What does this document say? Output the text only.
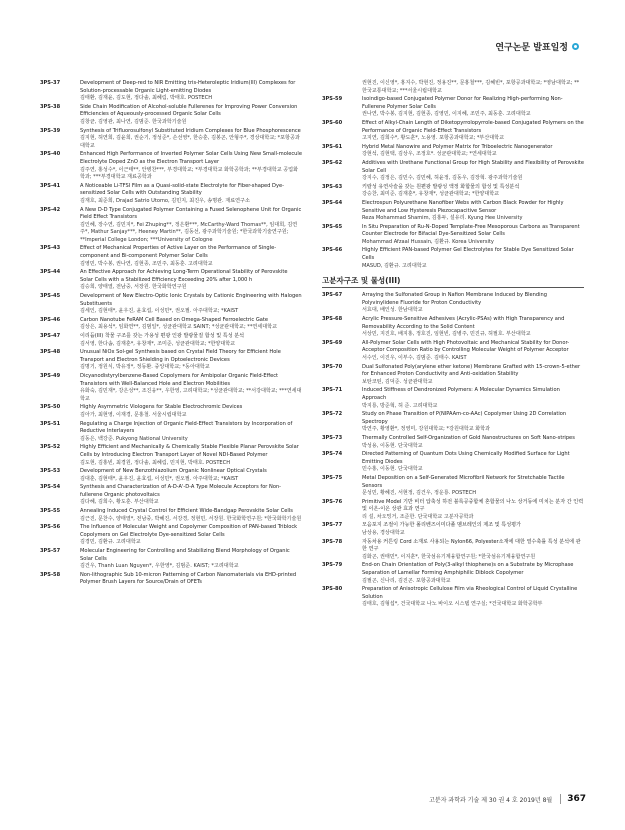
연구논문 발표일정
3PS-37	Development of Deep-red to NIR Emitting tris-Heteroleptic Iridium(III) Complexes for Solution-processable Organic Light-emitting Diodes
김태환, 김재윤, 김도현, 정다솔, 최혜림, 박태호. POSTECH
3PS-38	Side Chain Modification of Alcohol-soluble Fullerenes for Improving Power Conversion Efficiencies of Aqueously-processed Organic Solar Cells
김창균, 김영관, 최나연, 김범준. 한국과학기술원
3PS-39	Synthesis of Trifluorosulfonyl Substituted Iridium Complexes for Blue Phosphorescence
김지현, 허연희, 김윤희, 권순기, 정성준*, 손선영*, 한승훈, 김봉곤, 안형주*, 경상대학교; *포항공과대학교
3PS-40	Enhanced High Performance of Inverted Polymer Solar Cells Using New Small-molecule Electrolyte Doped ZnO as the Electron Transport Layer
김주연, 홍성수*, 이근태**, 안병찬***, 부경대학교; *부경대학교 화학공학과; **부경대학교 공업화학과; ***부경대학교 재료공학과
3PS-41	A Noticeable Li-TFSI Film as a Quasi-solid-state Electrolyte for Fiber-shaped Dye-sensitized Solar Cells with Outstanding Stability
김재호, 최준희, Drajad Satrio Utomo, 김민지, 최진우, 송명관. 재료연구소
3PS-42	A New D-D Type Conjugated Polymer Containing a Fused Selenophene Unit for Organic Field Effect Transistors
김인혜, 장수연, 김민지*, Fei Zhuping**, 정은환***, McCarthy-Ward Thomas**, 임대희, 김연주*, Mathur Sanjay***, Heeney Martin**, 김동선, 광주과학기술원; *한국과학기술연구원; **Imperial College London; ***University of Cologne
3PS-43	Effect of Mechanical Properties of Active Layer on the Performance of Single-component and Bi-component Polymer Solar Cells
김영민, 박수봉, 권나연, 김현종, 조민주, 최동훈. 고려대학교
3PS-44	An Effective Approach for Achieving Long-Term Operational Stability of Perovskite Solar Cells with a Stabilized Efficiency Exceeding 20% after 1,000 h
김승희, 양태열, 전남중, 서장원. 한국화학연구원
3PS-45	Development of New Electro-Optic Ionic Crystals by Cationic Engineering with Halogen Substituents
김세인, 김현태*, 윤우진, 윤효섭, 이성민*, 권오필. 아주대학교; *KAIST
3PS-46	Carbon Nanotube FeRAM Cell Based on Omega-Shaped Ferroelectric Gate
김상은, 최용석*, 임화연**, 김범일*, 성균관대학교 SAINT; *성균관대학교; **연세대학교
3PS-47	이리듐(III) 착물 구조를 갖는 가용성 편광 인광 발광물질 합성 및 특성 분석
김서영, 한다솜, 김재훈*, 유창재*, 조미준, 성균관대학교; *한양대학교
3PS-48	Unusual NiOx Sol-gel Synthesis based on Crystal Field Theory for Efficient Hole Transport and Electron Shielding in Optoelectronic Devices
김명기, 정원식, 박유정*, 정동환. 중앙대학교; *동아대학교
3PS-49	Dicyanodistyrylbenzene-Based Copolymers for Ambipolar Organic Field-Effect Transistors with Well-Balanced Hole and Electron Mobilities
유화숙, 김민재*, 강은성**, 조진웅**, 우한영, 고려대학교; *성균관대학교; **서강대학교; ***연세대학교
3PS-50	Highly Asymmetric Viologens for Stable Electrochromic Devices
김아가, 최현영, 이재경, 문홍철. 서울시립대학교
3PS-51	Regulating a Charge Injection of Organic Field-Effect Transistors by Incorporation of Reductive Interlayers
김동은, 백강준. Pukyong National University
3PS-52	Highly Efficient and Mechanically & Chemically Stable Flexible Planar Perovskite Solar Cells by Introducing Electron Transport Layer of Novel NDI-Based Polymer
김도현, 김홍빈, 최경원, 정다솔, 최혜림, 민지현, 박태호. POSTECH
3PS-53	Development of New Benzothiazolium Organic Nonlinear Optical Crystals
김대훈, 김현태*, 윤우진, 윤효섭, 이성민*, 권오필. 아주대학교; *KAIST
3PS-54	Synthesis and Characterization of A-D-A'-D-A Type Molecule Acceptors for Non-fullerene Organic photovoltaics
김다혜, 김희수, 황도훈. 부산대학교
3PS-55	Annealing Induced Crystal Control for Efficient Wide-Bandgap Perovskite Solar Cells
김근진, 문찬수, 양태열*, 전남중, 박혜진, 서강경, 정현민, 서장원. 한국화학연구원; *한국화학기술원
3PS-56	The Influence of Molecular Weight and Copolymer Composition of PAN-based Triblock Copolymers on Gel Electrolyte Dye-sensitized Solar Cells
김경민, 김환규. 고려대학교
3PS-57	Molecular Engineering for Controlling and Stabilizing Blend Morphology of Organic Solar Cells
김건우, Thanh Luan Nguyen*, 우한영*, 김범준. KAIST; *고려대학교
3PS-58	Non-lithographic Sub 10-micron Patterning of Carbon Nanomaterials via EHD-printed Polymer Brush Layers for Source/Drain of OFETs
권현진, 이신영*, 홍지수, 박현진, 정용진**, 문홍철***, 김혜빈*, 포항공과대학교; *영남대학교; **한국교통대학교; ***서울시립대학교
3PS-59	Isoindigo-based Conjugated Polymer Donor for Realizing High-performing Non-Fullerene Polymer Solar Cells
권나연, 박수봉, 김지현, 김현종, 김영민, 이지혜, 조민주, 최동훈. 고려대학교
3PS-60	Effect of Alkyl-Chain Length of Diketopyrrolopyrrole-based Conjugated Polymers on the Performance of Organic Field-Effect Transistors
고지연, 김희수*, 황도훈*, 노용영. 포항공과대학교; *부산대학교
3PS-61	Hybrid Metal Nanowire and Polymer Matrix for Triboelectric Nanogenerator
강현석, 김현택, 김상우, 조정호*. 성균관대학교; *연세대학교
3PS-62	Additives with Urethane Functional Group for High Stability and Flexibility of Perovskite Solar Cell
강지수, 김정은, 김민수, 김민혜, 허윤정, 김동우, 김장혁. 광주과학기술원
3PS-63	키랄성 유연사슬을 갖는 원편광 발광성 액정 화합물의 합성 및 특성분석
강승찬, 최미준, 김재훈*, 유창재*, 성균관대학교; *한양대학교
3PS-64	Electrospun Polyurethane Nanofiber Webs with Carbon Black Powder for Highly Sensitive and Low Hysteresis Piezocapacitive Sensor
Reza Mohammad Shamim, 김홍두, 설유리. Kyung Hee University
3PS-65	In Situ Preparation of Ru-N-Doped Template-Free Mesoporous Carbons as Transparent Counter Electrode for Bifacial Dye-Sensitized Solar Cells
Mohammad Afzaal Hussain, 김환규. Korea University
3PS-66	Highly Efficient PAN-based Polymer Gel Electrolytes for Stable Dye Sensitized Solar Cells
MASUD, 김환규. 고려대학교
고분자구조 및 물성(III)
3PS-67	Arraying the Sulfonated Group in Nafion Membrane Induced by Blending Polyvinylidene Fluoride for Proton Conductivity
서효대, 배인성. 한남대학교
3PS-68	Acrylic Pressure-Sensitive Adhesives (Acrylic-PSAs) with High Transparency and Removability According to the Solid Content
서상민, 지진호, 배지홍, 정호진, 임현빈, 김병주, 민진규, 허필호. 부산대학교
3PS-69	All-Polymer Solar Cells with High Photovoltaic and Mechanical Stability for Donor-Acceptor Composition Ratio by Controlling Molecular Weight of Polymer Acceptor
서수인, 이진우, 이부수, 김범준. 김태수. KAIST
3PS-70	Dual Sulfonated Poly(arylene ether ketone) Membrane Grafted with 15-crown-5-ether for Enhanced Proton Conductivity and Anti-oxidation Stability
보탄코틴, 김덕준. 성균관대학교
3PS-71	Induced Stiffness of Dendronized Polymers: A Molecular Dynamics Simulation Approach
박지룡, 방준혁, 허 준. 고려대학교
3PS-72	Study on Phase Transition of P(NIPAAm-co-AAc) Copolymer Using 2D Correlation Spectropy
박연주, 황영환*, 정영미, 강원대학교; *강원대학교 화학과
3PS-73	Thermally Controlled Self-Organization of Gold Nanostructures on Soft Nano-stripes
박성용, 이동현. 단국대학교
3PS-74	Directed Patterning of Quantum Dots Using Chemically Modified Surface for Light Emitting Diodes
민수홍, 이동현. 단국대학교
3PS-75	Metal Deposition on a Self-Generated Microfibril Network for Stretchable Tactile Sensors
문성민, 황혜진, 서현정, 김건우, 정운룡. POSTECH
3PS-76	Primitive Model 기반 비터 압축성 하전 블록공중합체 혼합물의 나노 상거동에 미치는 분자 간 인력 및 이온-이온 상관 효과 연구
리 설, 차오밍거, 조준한. 단국대학교 고분자공학과
3PS-77	모음포지 조절이 가능한 폴리벤즈이미다졸 멤브레인의 제조 및 특성평가
남상용, 경상대학교
3PS-78	자동차용 커튼링 Cord 소재로 사용되는 Nylon66, Polyester소재에 대한 열수축률 특성 분석에 관한 연구
김화곤, 권태민*, 이지훈*, 한국섬유기계융합연구원; *한국섬유기계융합연구원
3PS-79	End-on Chain Orientation of Poly(3-alkyl thiophene)s on a Substrate by Microphase Separation of Lamellar Forming Amphiphilic Diblock Copolymer
김필곤, 신나리, 김진곤. 포항공과대학교
3PS-80	Preparation of Anisotropic Cellulose Film via Rheological Control of Liquid Crystalline Solution
김태호, 김형섭*, 건국대학교 나노 바이오 시스템 연구실; *건국대학교 화학공학부
고분자 과학과 기술 제 30 권 4 호 2019년 8월	367
